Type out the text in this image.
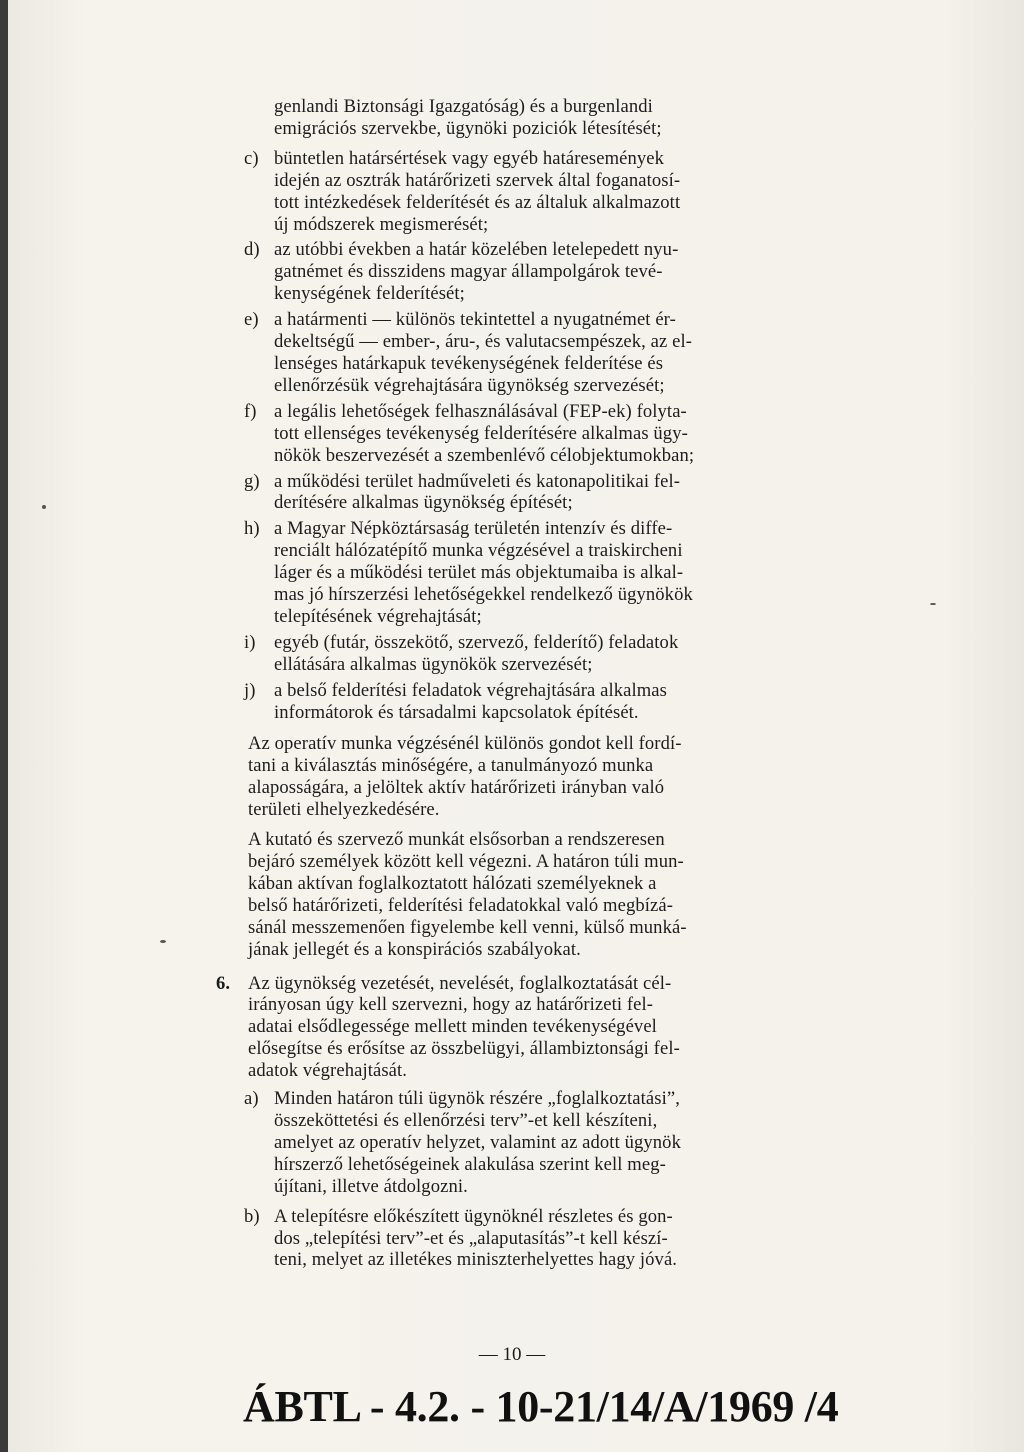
genlandi Biztonsági Igazgatóság) és a burgenlandi

emigrációs szervekbe, ügynöki poziciók létesítését;

c) büntetlen határsértések vagy egyéb határesemények

idején az osztrák határőrizeti szervek által foganatosí-

tott intézkedések felderítését és az általuk alkalmazott

új módszerek megismerését;

d) az utóbbi években a határ közelében letelepedett nyu-

gatnémet és disszidens magyar állampolgárok tevé-

kenységének felderítését;

e) a határmenti — különös tekintettel a nyugatnémet ér-

dekeltségű — ember-, áru-, és valutacsempészek, az el-

lenséges határkapuk tevékenységének felderítése és

ellenőrzésük végrehajtására ügynökség szervezését;

f) a legális lehetőségek felhasználásával (FEP-ek) folyta-

tott ellenséges tevékenység felderítésére alkalmas ügy-

nökök beszervezését a szembenlévő célobjektumokban;

g) a működési terület hadműveleti és katonapolitikai fel-

derítésére alkalmas ügynökség építését;

h) a Magyar Népköztársaság területén intenzív és diffe-

renciált hálózatépítő munka végzésével a traiskircheni

láger és a működési terület más objektumaiba is alkal-

mas jó hírszerzési lehetőségekkel rendelkező ügynökök

telepítésének végrehajtását;

i) egyéb (futár, összekötő, szervező, felderítő) feladatok

ellátására alkalmas ügynökök szervezését;

j) a belső felderítési feladatok végrehajtására alkalmas

informátorok és társadalmi kapcsolatok építését.

Az operatív munka végzésénél különös gondot kell fordí-

tani a kiválasztás minőségére, a tanulmányozó munka

alaposságára, a jelöltek aktív határőrizeti irányban való

területi elhelyezkedésére.

A kutató és szervező munkát elsősorban a rendszeresen

bejáró személyek között kell végezni. A határon túli mun-

kában aktívan foglalkoztatott hálózati személyeknek a

belső határőrizeti, felderítési feladatokkal való megbízá-

sánál messzemenően figyelembe kell venni, külső munká-

jának jellegét és a konspirációs szabályokat.

6. Az ügynökség vezetését, nevelését, foglalkoztatását cél-

irányosan úgy kell szervezni, hogy az határőrizeti fel-

adatai elsődlegessége mellett minden tevékenységével

elősegítse és erősítse az összbelügyi, állambiztonsági fel-

adatok végrehajtását.

a) Minden határon túli ügynök részére „foglalkoztatási”,

összeköttetési és ellenőrzési terv”-et kell készíteni,

amelyet az operatív helyzet, valamint az adott ügynök

hírszerző lehetőségeinek alakulása szerint kell meg-

újítani, illetve átdolgozni.

b) A telepítésre előkészített ügynöknél részletes és gon-

dos „telepítési terv”-et és „alaputasítás”-t kell készí-

teni, melyet az illetékes miniszterhelyettes hagy jóvá.

— 10 —
ÁBTL - 4.2. - 10-21/14/A/1969 /4
